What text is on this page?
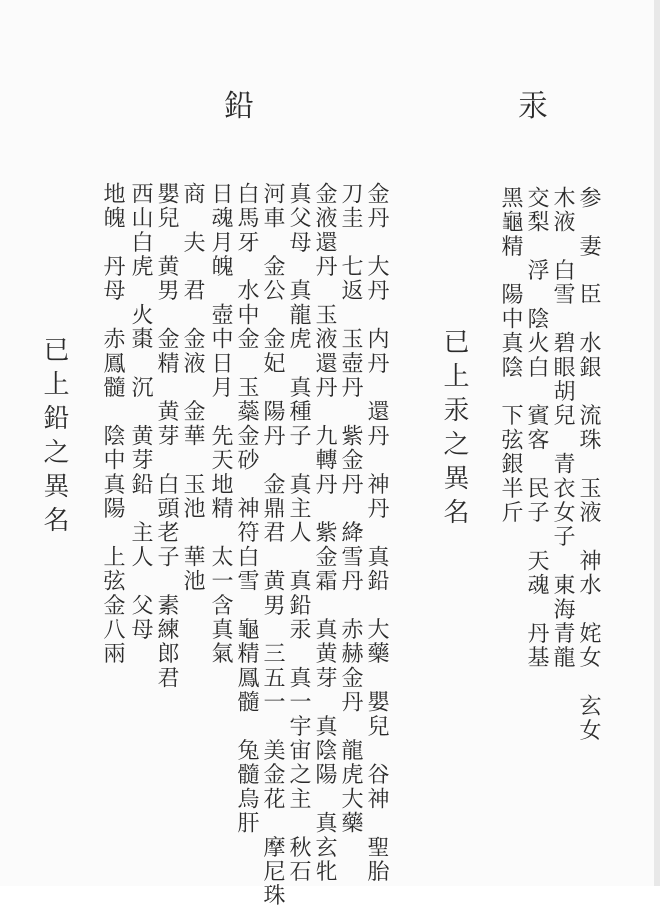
汞
参　妻　臣　水銀　流珠　玉液　神水　姹女　玄女
木液　白雪　碧眼胡兒　青衣女子　東海青龍
交梨　浮　陰火白　賓客　民子　天魂　丹基
黑龜精　陽中真陰　下弦銀半斤
已上汞之異名
鉛
金丹　大丹　内丹　還丹　神丹　真鉛　大藥　嬰兒　谷神　聖胎
刀圭　七返　玉壺丹　紫金丹　絳雪丹　赤赫金丹　龍虎大藥
金液還丹　玉液還丹　九轉丹　紫金霜　真黄芽　真陰陽　真玄牝
真父母　真龍虎　真種子　真主人　真鉛汞　真一宇宙之主　秋石
河車　金公　金妃　陽丹　金鼎君　黄男　三五一　美金花　摩尼珠
白馬牙　水中金　玉蘂金砂　神符白雪　龜精鳳髓　兔髓烏肝
日魂月魄　壺中日月　先天地精　太一含真氣
商　夫　君　金液　金華　玉池　華池
嬰兒　黄男　金精　黄芽　白頭老子　素練郎君
西山白虎　火棗　沉　黄芽鉛　主人　父母
地魄　丹母　赤鳳髓　陰中真陽　上弦金八兩
已上鉛之異名
